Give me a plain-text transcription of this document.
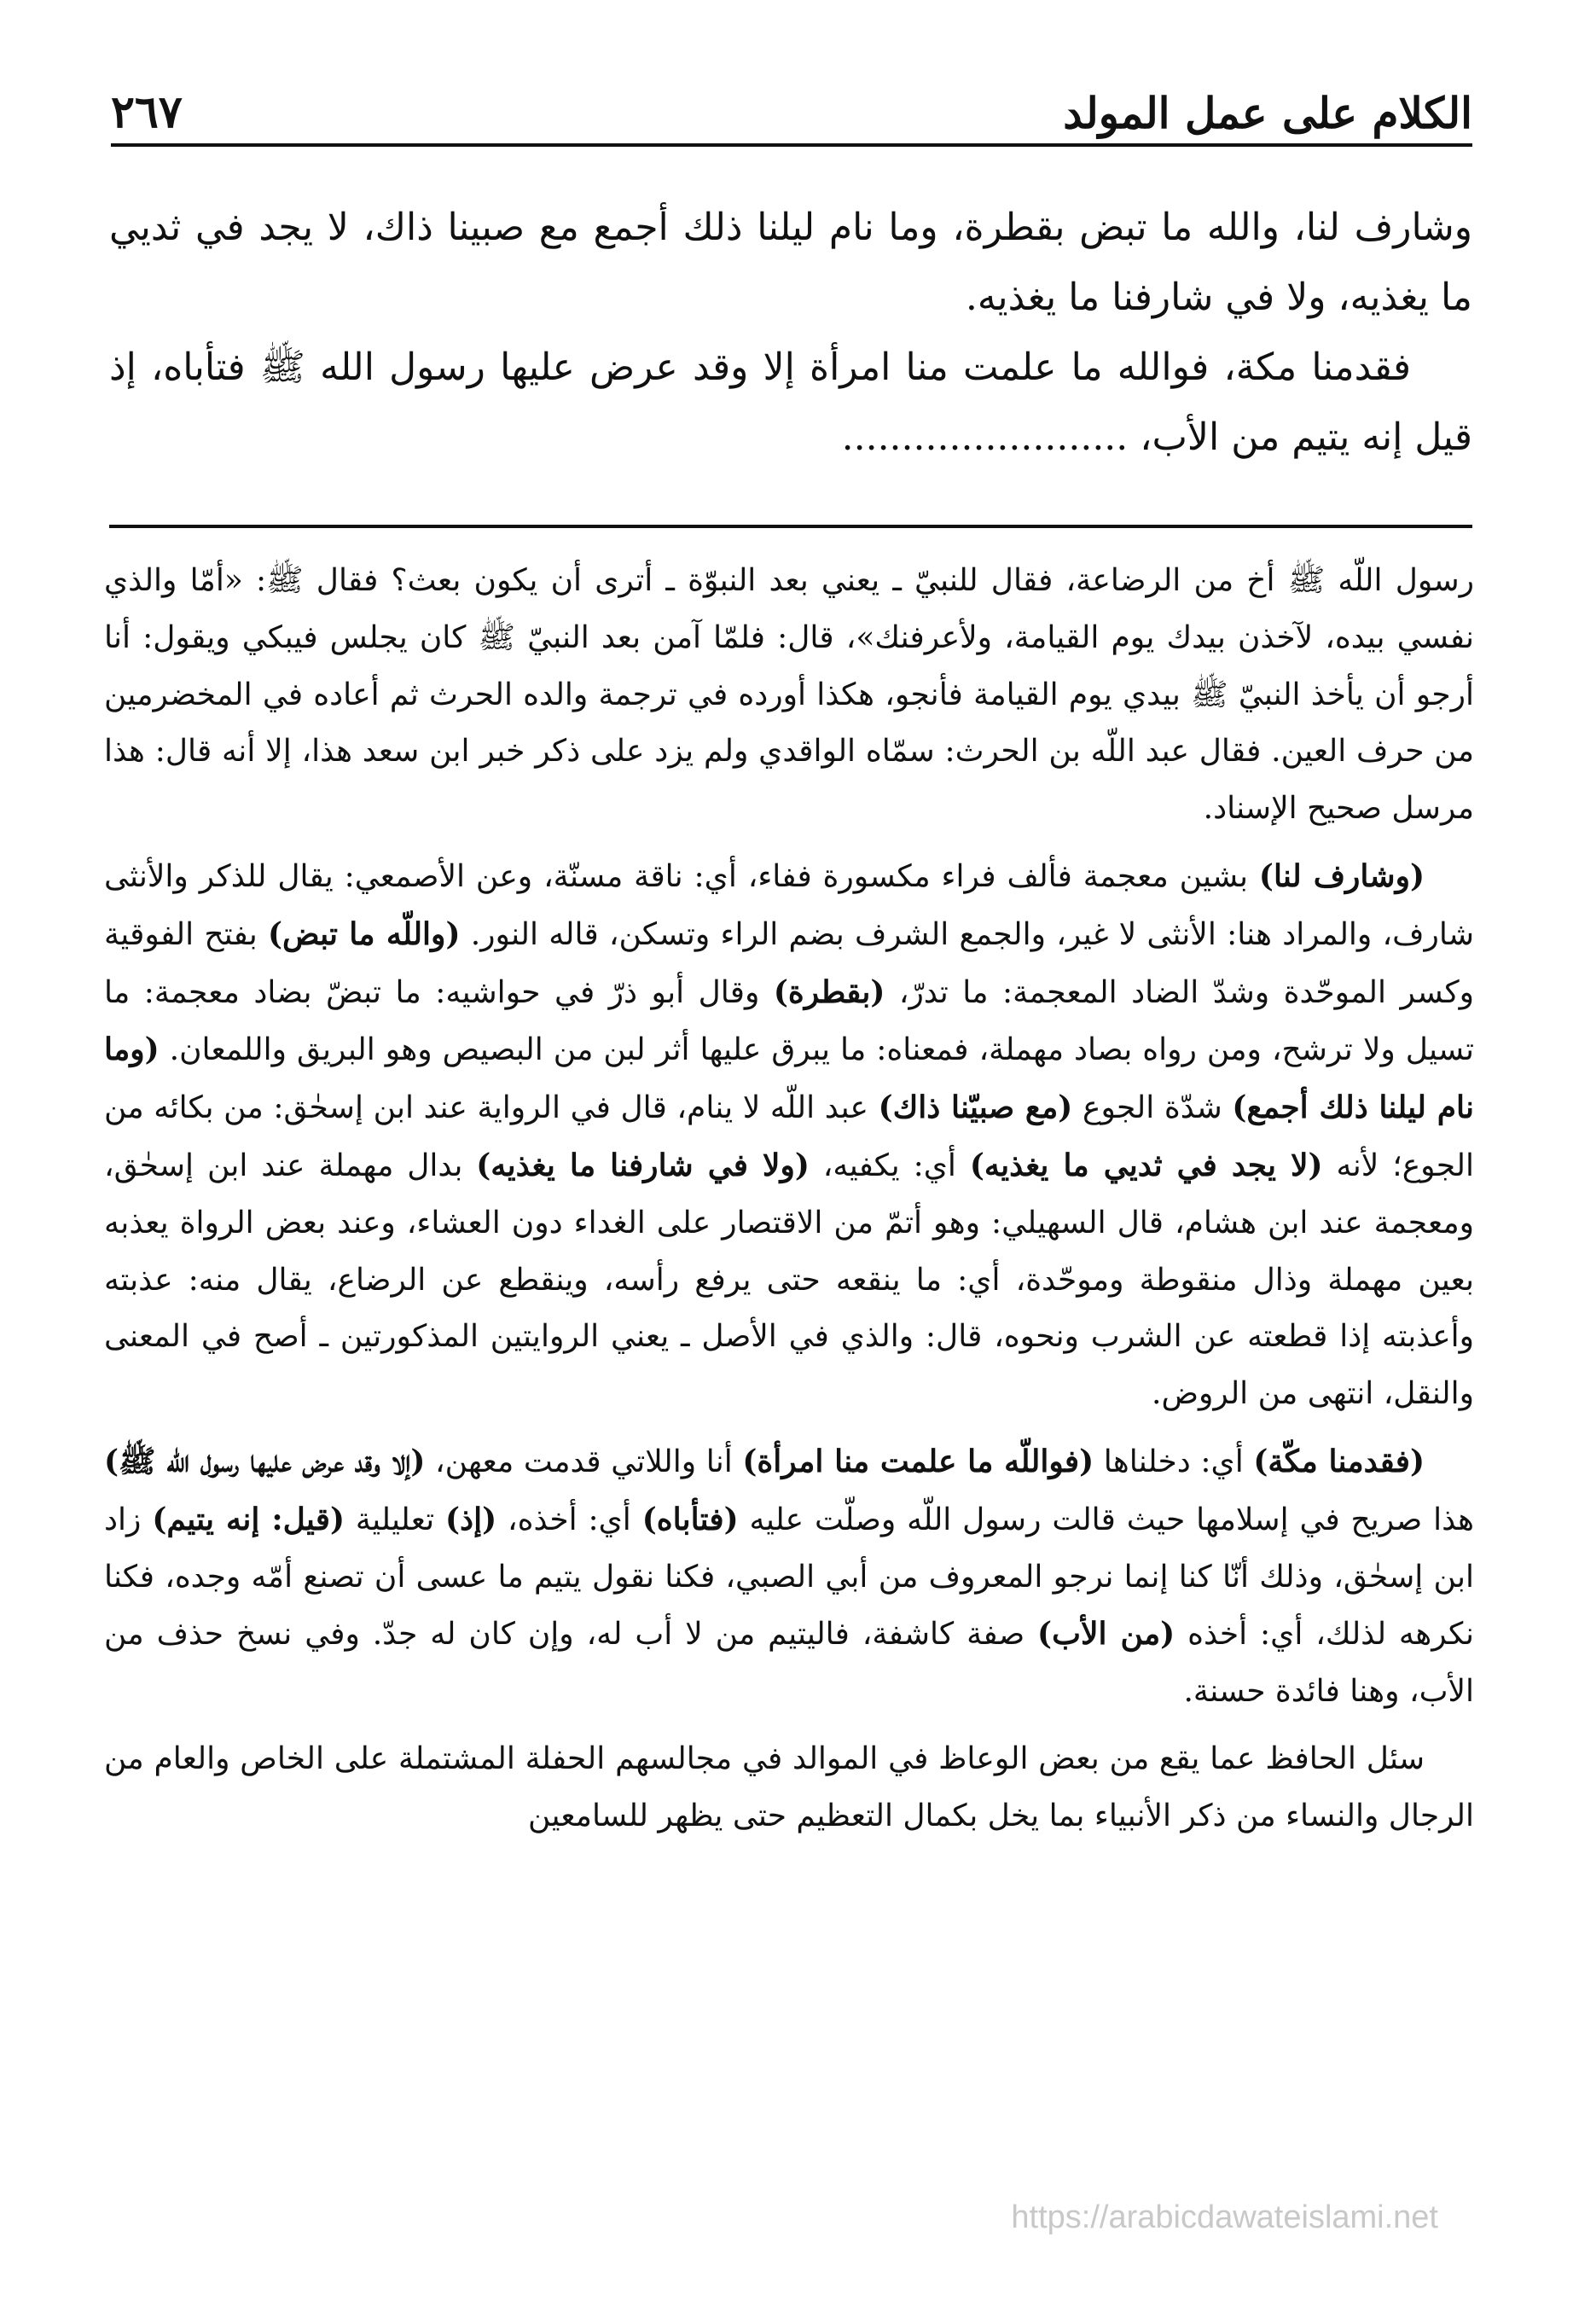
الكلام على عمل المولد
٢٦٧

وشارف لنا، والله ما تبض بقطرة، وما نام ليلنا ذلك أجمع مع صبينا ذاك، لا يجد في ثديي ما يغذيه، ولا في شارفنا ما يغذيه.

فقدمنا مكة، فوالله ما علمت منا امرأة إلا وقد عرض عليها رسول الله ﷺ فتأباه، إذ قيل إنه يتيم من الأب، ........................

رسول اللّه ﷺ أخ من الرضاعة، فقال للنبيّ ـ يعني بعد النبوّة ـ أترى أن يكون بعث؟ فقال ﷺ: «أمّا والذي نفسي بيده، لآخذن بيدك يوم القيامة، ولأعرفنك»، قال: فلمّا آمن بعد النبيّ ﷺ كان يجلس فيبكي ويقول: أنا أرجو أن يأخذ النبيّ ﷺ بيدي يوم القيامة فأنجو، هكذا أورده في ترجمة والده الحرث ثم أعاده في المخضرمين من حرف العين. فقال عبد اللّه بن الحرث: سمّاه الواقدي ولم يزد على ذكر خبر ابن سعد هذا، إلا أنه قال: هذا مرسل صحيح الإسناد.

(وشارف لنا) بشين معجمة فألف فراء مكسورة ففاء، أي: ناقة مسنّة، وعن الأصمعي: يقال للذكر والأنثى شارف، والمراد هنا: الأنثى لا غير، والجمع الشرف بضم الراء وتسكن، قاله النور. (واللّه ما تبض) بفتح الفوقية وكسر الموحّدة وشدّ الضاد المعجمة: ما تدرّ، (بقطرة) وقال أبو ذرّ في حواشيه: ما تبضّ بضاد معجمة: ما تسيل ولا ترشح، ومن رواه بصاد مهملة، فمعناه: ما يبرق عليها أثر لبن من البصيص وهو البريق واللمعان. (وما نام ليلنا ذلك أجمع) شدّة الجوع (مع صبيّنا ذاك) عبد اللّه لا ينام، قال في الرواية عند ابن إسحٰق: من بكائه من الجوع؛ لأنه (لا يجد في ثديي ما يغذيه) أي: يكفيه، (ولا في شارفنا ما يغذيه) بدال مهملة عند ابن إسحٰق، ومعجمة عند ابن هشام، قال السهيلي: وهو أتمّ من الاقتصار على الغداء دون العشاء، وعند بعض الرواة يعذبه بعين مهملة وذال منقوطة وموحّدة، أي: ما ينقعه حتى يرفع رأسه، وينقطع عن الرضاع، يقال منه: عذبته وأعذبته إذا قطعته عن الشرب ونحوه، قال: والذي في الأصل ـ يعني الروايتين المذكورتين ـ أصح في المعنى والنقل، انتهى من الروض.

(فقدمنا مكّة) أي: دخلناها (فواللّه ما علمت منا امرأة) أنا واللاتي قدمت معهن، (إلا وقد عرض عليها رسول اللّه ﷺ) هذا صريح في إسلامها حيث قالت رسول اللّه وصلّت عليه (فتأباه) أي: أخذه، (إذ) تعليلية (قيل: إنه يتيم) زاد ابن إسحٰق، وذلك أنّا كنا إنما نرجو المعروف من أبي الصبي، فكنا نقول يتيم ما عسى أن تصنع أمّه وجده، فكنا نكرهه لذلك، أي: أخذه (من الأب) صفة كاشفة، فاليتيم من لا أب له، وإن كان له جدّ. وفي نسخ حذف من الأب، وهنا فائدة حسنة.

سئل الحافظ عما يقع من بعض الوعاظ في الموالد في مجالسهم الحفلة المشتملة على الخاص والعام من الرجال والنساء من ذكر الأنبياء بما يخل بكمال التعظيم حتى يظهر للسامعين

https://arabicdawateislami.net
